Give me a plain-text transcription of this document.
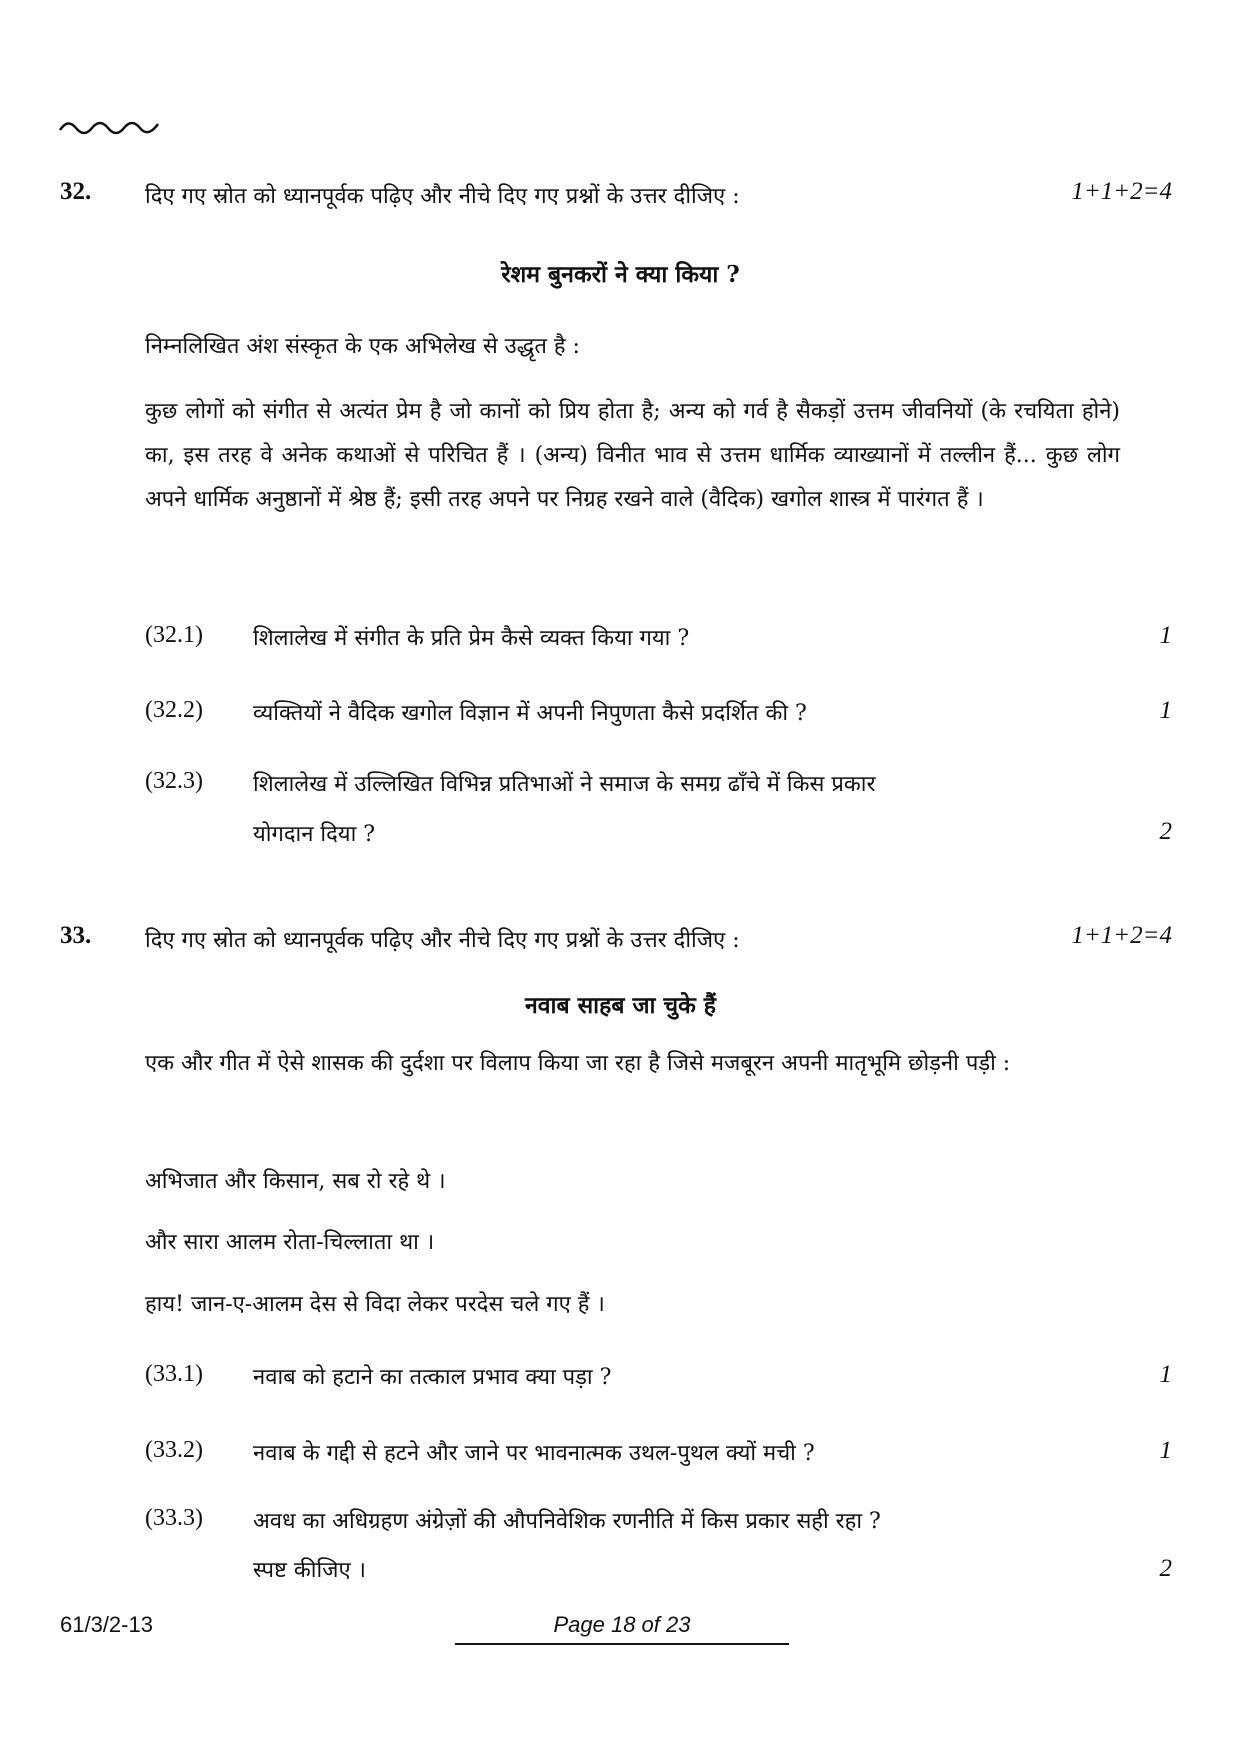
32. दिए गए स्रोत को ध्यानपूर्वक पढ़िए और नीचे दिए गए प्रश्नों के उत्तर दीजिए :	1+1+2=4
रेशम बुनकरों ने क्या किया ?
निम्नलिखित अंश संस्कृत के एक अभिलेख से उद्धृत है :
कुछ लोगों को संगीत से अत्यंत प्रेम है जो कानों को प्रिय होता है; अन्य को गर्व है सैकड़ों उत्तम जीवनियों (के रचयिता होने) का, इस तरह वे अनेक कथाओं से परिचित हैं । (अन्य) विनीत भाव से उत्तम धार्मिक व्याख्यानों में तल्लीन हैं... कुछ लोग अपने धार्मिक अनुष्ठानों में श्रेष्ठ हैं; इसी तरह अपने पर निग्रह रखने वाले (वैदिक) खगोल शास्त्र में पारंगत हैं ।
(32.1) शिलालेख में संगीत के प्रति प्रेम कैसे व्यक्त किया गया ?	1
(32.2) व्यक्तियों ने वैदिक खगोल विज्ञान में अपनी निपुणता कैसे प्रदर्शित की ?	1
(32.3) शिलालेख में उल्लिखित विभिन्न प्रतिभाओं ने समाज के समग्र ढाँचे में किस प्रकार
योगदान दिया ?	2
33. दिए गए स्रोत को ध्यानपूर्वक पढ़िए और नीचे दिए गए प्रश्नों के उत्तर दीजिए :	1+1+2=4
नवाब साहब जा चुके हैं
एक और गीत में ऐसे शासक की दुर्दशा पर विलाप किया जा रहा है जिसे मजबूरन अपनी मातृभूमि छोड़नी पड़ी :
अभिजात और किसान, सब रो रहे थे ।
और सारा आलम रोता-चिल्लाता था ।
हाय! जान-ए-आलम देस से विदा लेकर परदेस चले गए हैं ।
(33.1) नवाब को हटाने का तत्काल प्रभाव क्या पड़ा ?	1
(33.2) नवाब के गद्दी से हटने और जाने पर भावनात्मक उथल-पुथल क्यों मची ?	1
(33.3) अवध का अधिग्रहण अंग्रेज़ों की औपनिवेशिक रणनीति में किस प्रकार सही रहा ?
स्पष्ट कीजिए ।	2
61/3/2-13	Page 18 of 23
